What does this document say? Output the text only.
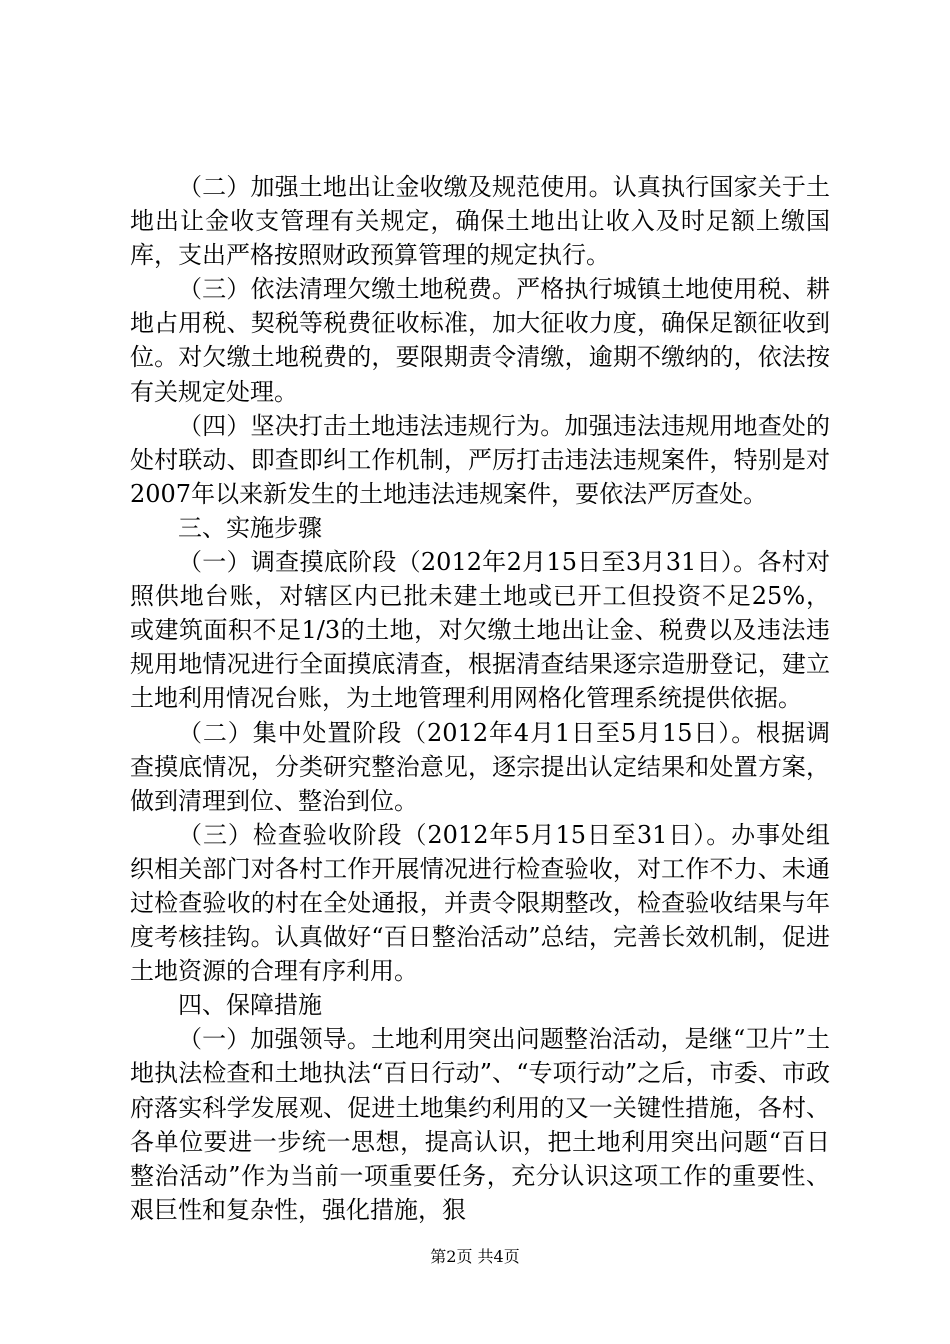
（二）加强土地出让金收缴及规范使用。认真执行国家关于土地出让金收支管理有关规定，确保土地出让收入及时足额上缴国库，支出严格按照财政预算管理的规定执行。

（三）依法清理欠缴土地税费。严格执行城镇土地使用税、耕地占用税、契税等税费征收标准，加大征收力度，确保足额征收到位。对欠缴土地税费的，要限期责令清缴，逾期不缴纳的，依法按有关规定处理。

（四）坚决打击土地违法违规行为。加强违法违规用地查处的处村联动、即查即纠工作机制，严厉打击违法违规案件，特别是对2007年以来新发生的土地违法违规案件，要依法严厉查处。

三、实施步骤

（一）调查摸底阶段（2012年2月15日至3月31日）。各村对照供地台账，对辖区内已批未建土地或已开工但投资不足25%，或建筑面积不足1/3的土地，对欠缴土地出让金、税费以及违法违规用地情况进行全面摸底清查，根据清查结果逐宗造册登记，建立土地利用情况台账，为土地管理利用网格化管理系统提供依据。

（二）集中处置阶段（2012年4月1日至5月15日）。根据调查摸底情况，分类研究整治意见，逐宗提出认定结果和处置方案，做到清理到位、整治到位。

（三）检查验收阶段（2012年5月15日至31日）。办事处组织相关部门对各村工作开展情况进行检查验收，对工作不力、未通过检查验收的村在全处通报，并责令限期整改，检查验收结果与年度考核挂钩。认真做好“百日整治活动”总结，完善长效机制，促进土地资源的合理有序利用。

四、保障措施

（一）加强领导。土地利用突出问题整治活动，是继“卫片”土地执法检查和土地执法“百日行动”、“专项行动”之后，市委、市政府落实科学发展观、促进土地集约利用的又一关键性措施，各村、各单位要进一步统一思想，提高认识，把土地利用突出问题“百日整治活动”作为当前一项重要任务，充分认识这项工作的重要性、艰巨性和复杂性，强化措施，狠

第2页 共4页
